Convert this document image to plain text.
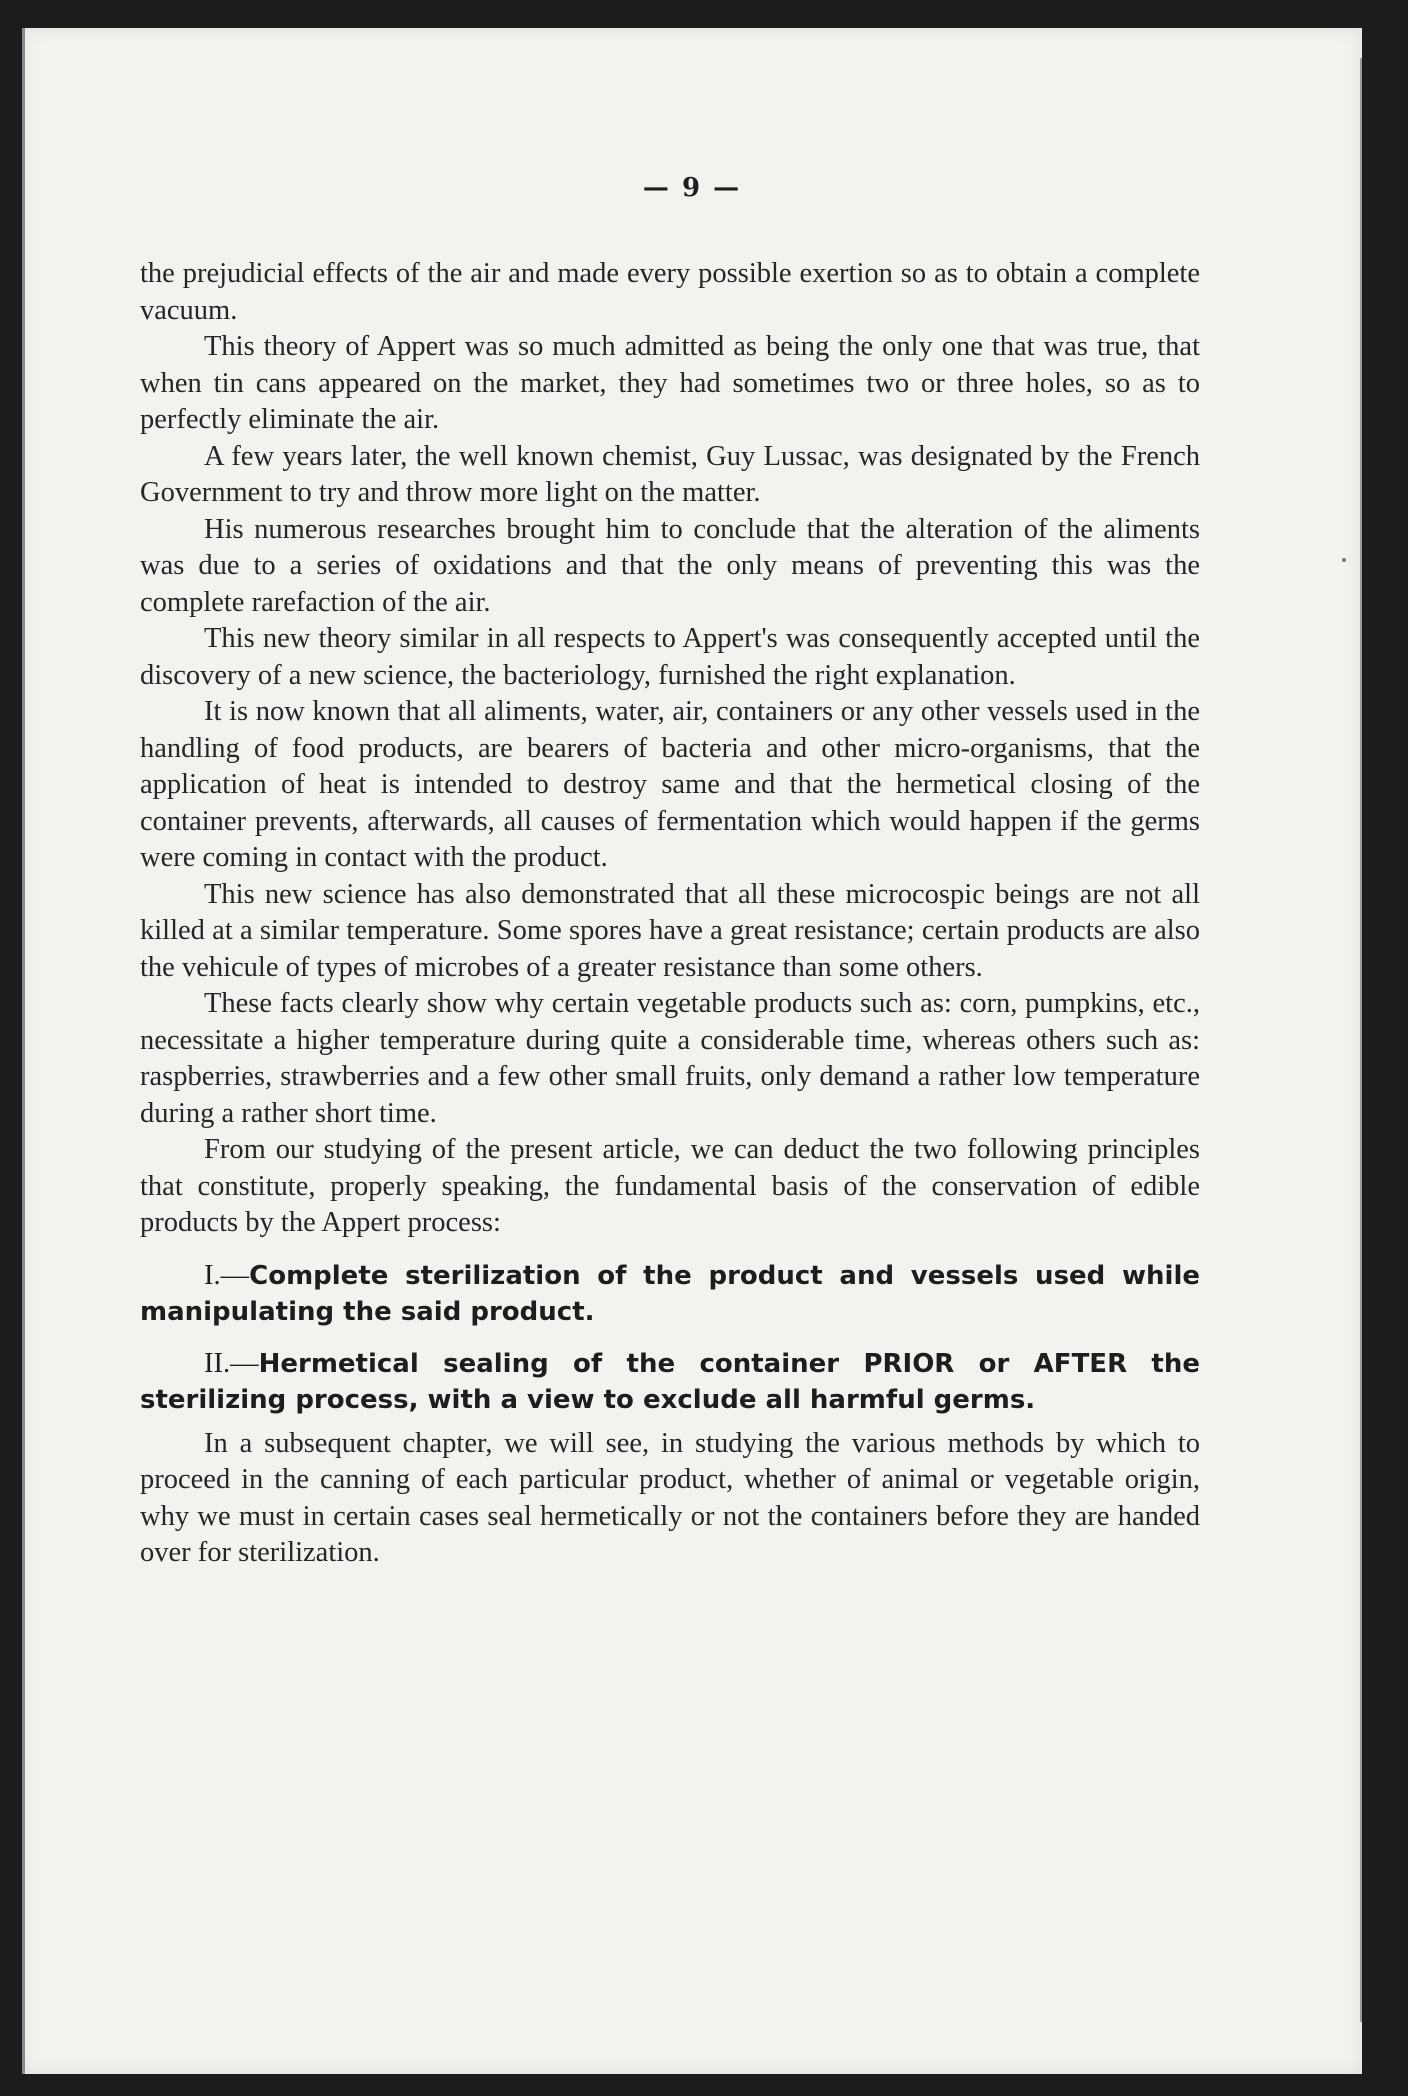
— 9 —

the prejudicial effects of the air and made every possible exertion so as to obtain a complete vacuum.

This theory of Appert was so much admitted as being the only one that was true, that when tin cans appeared on the market, they had sometimes two or three holes, so as to perfectly eliminate the air.

A few years later, the well known chemist, Guy Lussac, was designated by the French Government to try and throw more light on the matter.

His numerous researches brought him to conclude that the alteration of the aliments was due to a series of oxidations and that the only means of preventing this was the complete rarefaction of the air.

This new theory similar in all respects to Appert's was consequently accepted until the discovery of a new science, the bacteriology, furnished the right explanation.

It is now known that all aliments, water, air, containers or any other vessels used in the handling of food products, are bearers of bacteria and other micro-organisms, that the application of heat is intended to destroy same and that the hermetical closing of the container prevents, afterwards, all causes of fermentation which would happen if the germs were coming in contact with the product.

This new science has also demonstrated that all these microcospic beings are not all killed at a similar temperature. Some spores have a great resistance; certain products are also the vehicule of types of microbes of a greater resistance than some others.

These facts clearly show why certain vegetable products such as: corn, pumpkins, etc., necessitate a higher temperature during quite a considerable time, whereas others such as: raspberries, strawberries and a few other small fruits, only demand a rather low temperature during a rather short time.

From our studying of the present article, we can deduct the two following principles that constitute, properly speaking, the fundamental basis of the conservation of edible products by the Appert process:

I.—Complete sterilization of the product and vessels used while manipulating the said product.

II.—Hermetical sealing of the container PRIOR or AFTER the sterilizing process, with a view to exclude all harmful germs.

In a subsequent chapter, we will see, in studying the various methods by which to proceed in the canning of each particular product, whether of animal or vegetable origin, why we must in certain cases seal hermetically or not the containers before they are handed over for sterilization.
